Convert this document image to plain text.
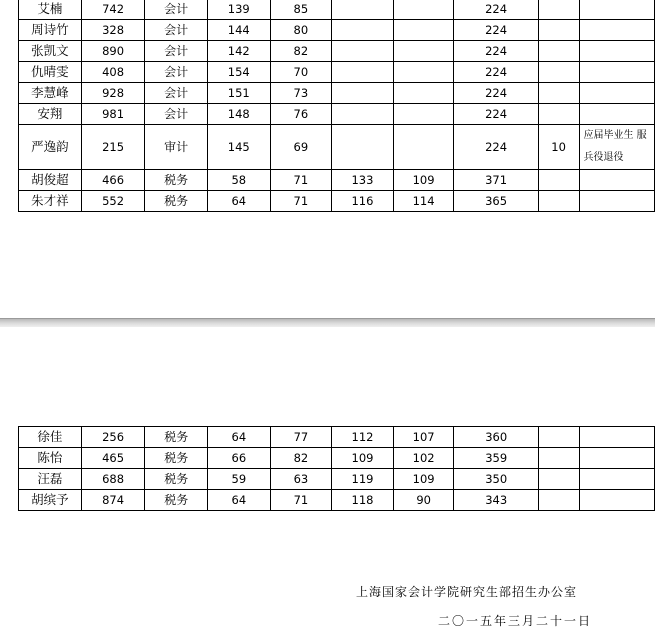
艾楠	742	会计	139	85			224		
周诗竹	328	会计	144	80			224		
张凯文	890	会计	142	82			224		
仇晴雯	408	会计	154	70			224		
李慧峰	928	会计	151	73			224		
安翔	981	会计	148	76			224		
严逸韵	215	审计	145	69			224	10	应届毕业生 服兵役退役
胡俊超	466	税务	58	71	133	109	371		
朱才祥	552	税务	64	71	116	114	365		
徐佳	256	税务	64	77	112	107	360		
陈怡	465	税务	66	82	109	102	359		
汪磊	688	税务	59	63	119	109	350		
胡缤予	874	税务	64	71	118	90	343		
上海国家会计学院研究生部招生办公室
二〇一五年三月二十一日
